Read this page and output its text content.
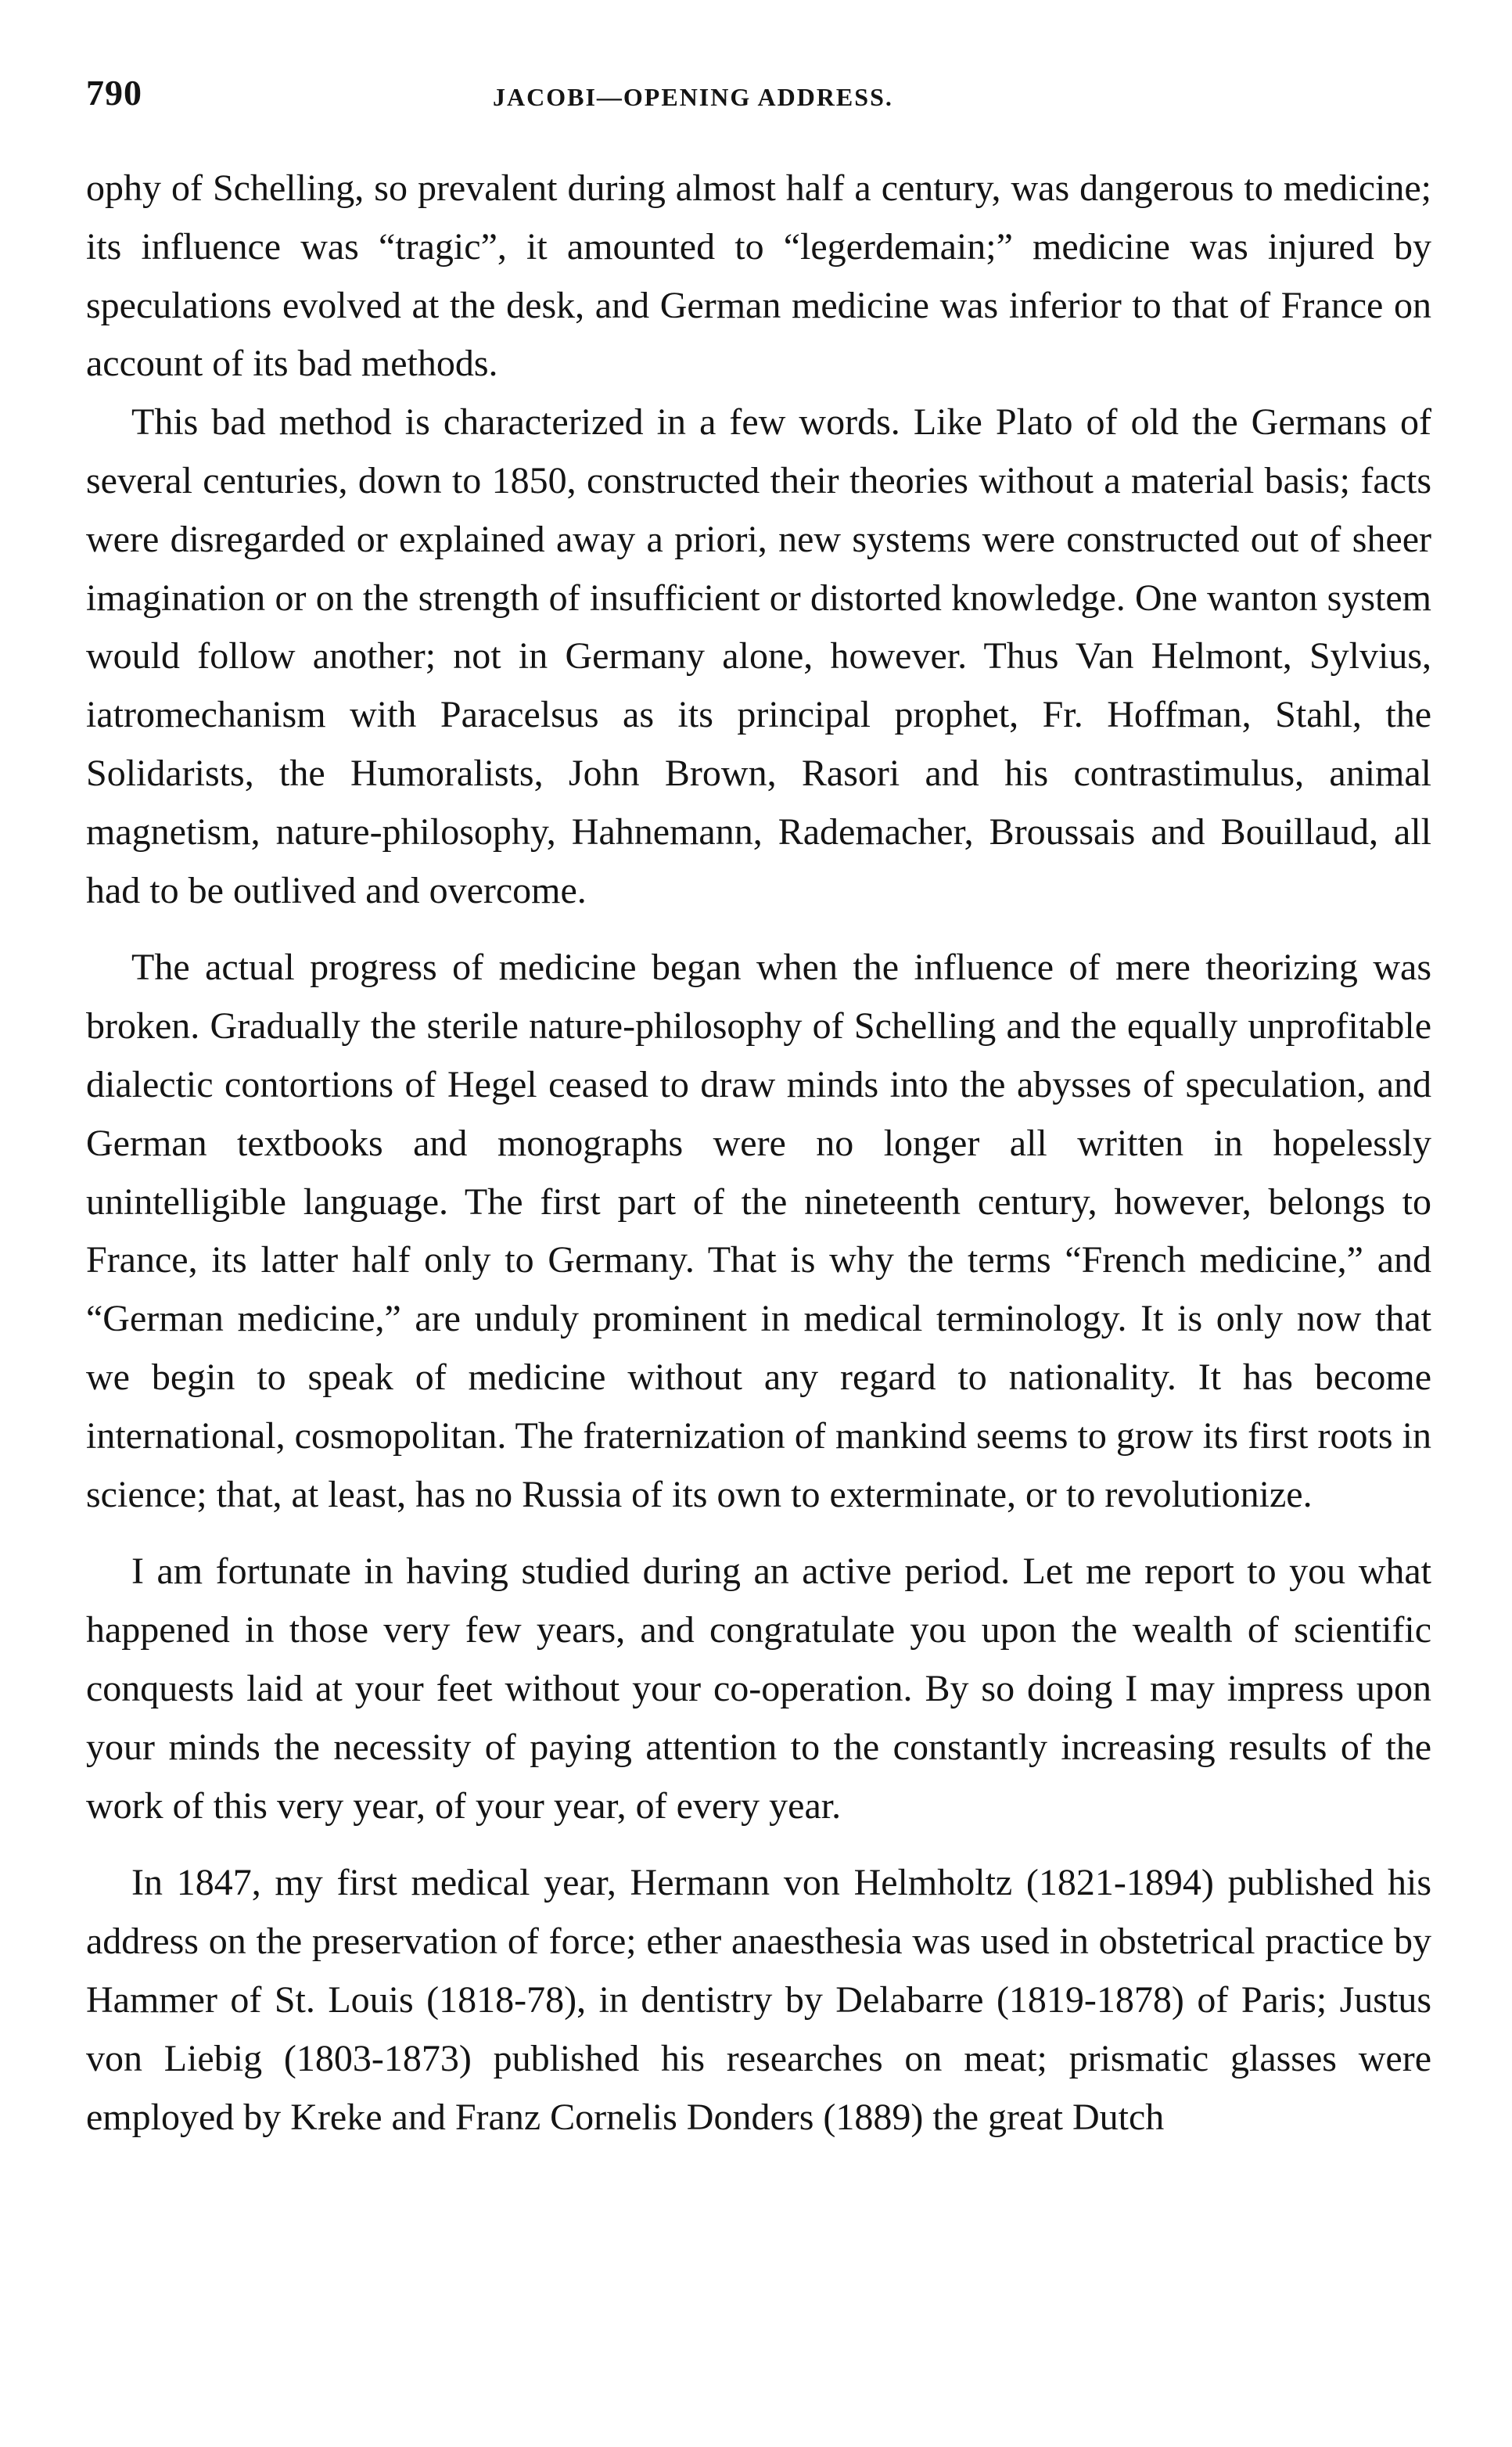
790	JACOBI—OPENING ADDRESS.

ophy of Schelling, so prevalent during almost half a century, was dangerous to medicine; its influence was “tragic”, it amounted to “legerdemain;” medicine was injured by speculations evolved at the desk, and German medicine was inferior to that of France on account of its bad methods.

This bad method is characterized in a few words. Like Plato of old the Germans of several centuries, down to 1850, constructed their theories without a material basis; facts were disregarded or explained away a priori, new systems were constructed out of sheer imagination or on the strength of insufficient or distorted knowledge. One wanton system would follow another; not in Germany alone, however. Thus Van Helmont, Sylvius, iatromechanism with Paracelsus as its principal prophet, Fr. Hoffman, Stahl, the Solidarists, the Humoralists, John Brown, Rasori and his contrastimulus, animal magnetism, nature-philosophy, Hahnemann, Rademacher, Broussais and Bouillaud, all had to be outlived and overcome.

The actual progress of medicine began when the influence of mere theorizing was broken. Gradually the sterile nature-philosophy of Schelling and the equally unprofitable dialectic contortions of Hegel ceased to draw minds into the abysses of speculation, and German textbooks and monographs were no longer all written in hopelessly unintelligible language. The first part of the nineteenth century, however, belongs to France, its latter half only to Germany. That is why the terms “French medicine,” and “German medicine,” are unduly prominent in medical terminology. It is only now that we begin to speak of medicine without any regard to nationality. It has become international, cosmopolitan. The fraternization of mankind seems to grow its first roots in science; that, at least, has no Russia of its own to exterminate, or to revolutionize.

I am fortunate in having studied during an active period. Let me report to you what happened in those very few years, and congratulate you upon the wealth of scientific conquests laid at your feet without your co-operation. By so doing I may impress upon your minds the necessity of paying attention to the constantly increasing results of the work of this very year, of your year, of every year.

In 1847, my first medical year, Hermann von Helmholtz (1821-1894) published his address on the preservation of force; ether anaesthesia was used in obstetrical practice by Hammer of St. Louis (1818-78), in dentistry by Delabarre (1819-1878) of Paris; Justus von Liebig (1803-1873) published his researches on meat; prismatic glasses were employed by Kreke and Franz Cornelis Donders (1889) the great Dutch
